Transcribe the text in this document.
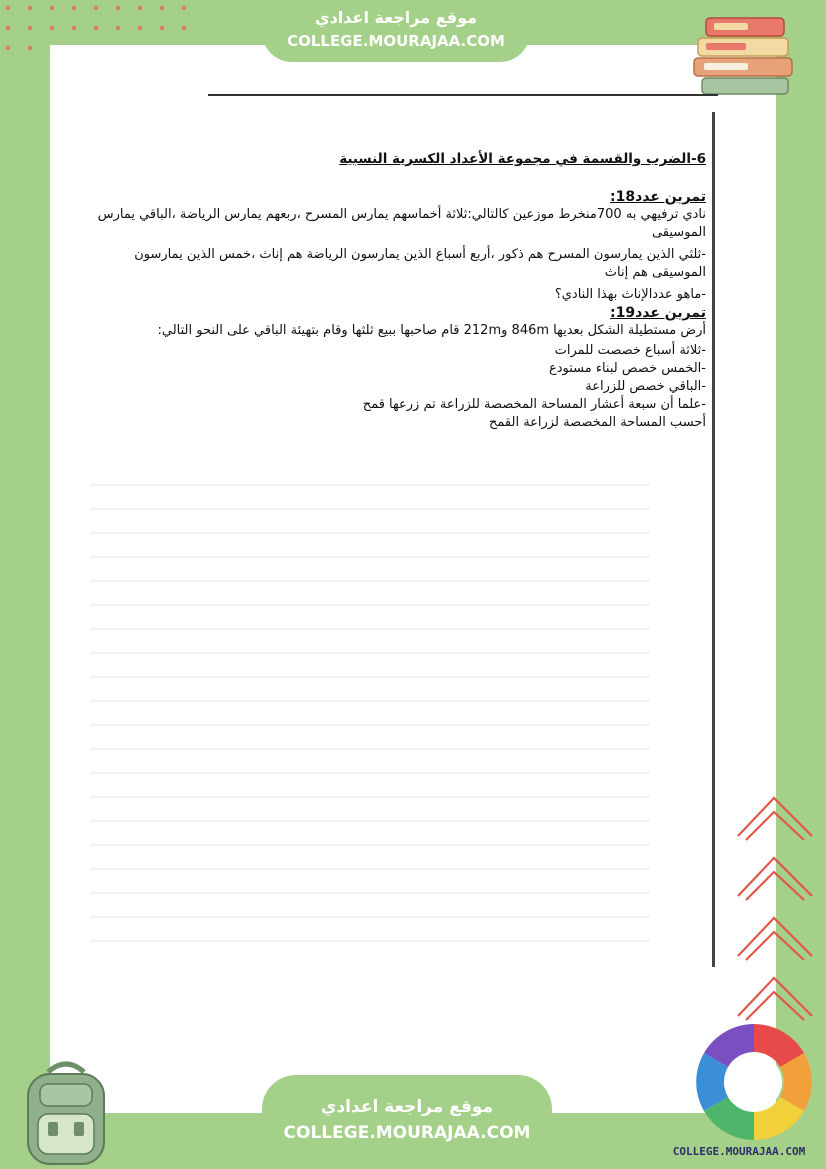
موقع مراجعة اعدادي
COLLEGE.MOURAJAA.COM
6-الضرب والقسمة في مجموعة الأعداد الكسرية النسبية
تمرين عدد18:
نادي ترفيهي به 700منخرط موزعين كالتالي:ثلاثة أخماسهم يمارس المسرح ،ربعهم يمارس الرياضة ،الباقي يمارس الموسيقى
-ثلثي الذين يمارسون المسرح هم ذكور ،أربع أسباع الذين يمارسون الرياضة هم إناث ،خمس الذين يمارسون الموسيقى هم إناث
-ماهو عددالإناث بهذا النادي؟
تمرين عدد19:
أرض مستطيلة الشكل بعديها 846m و212m قام صاحبها ببيع ثلثها وقام بتهيئة الباقي على النحو التالي:
-ثلاثة أسباع خصصت للمرات
-الخمس خصص لبناء مستودع
-الباقي خصص للزراعة
-علما أن سبعة أعشار المساحة المخصصة للزراعة تم زرعها قمح
أحسب المساحة المخصصة لزراعة القمح
موقع مراجعة اعدادي
COLLEGE.MOURAJAA.COM
COLLEGE.MOURAJAA.COM
